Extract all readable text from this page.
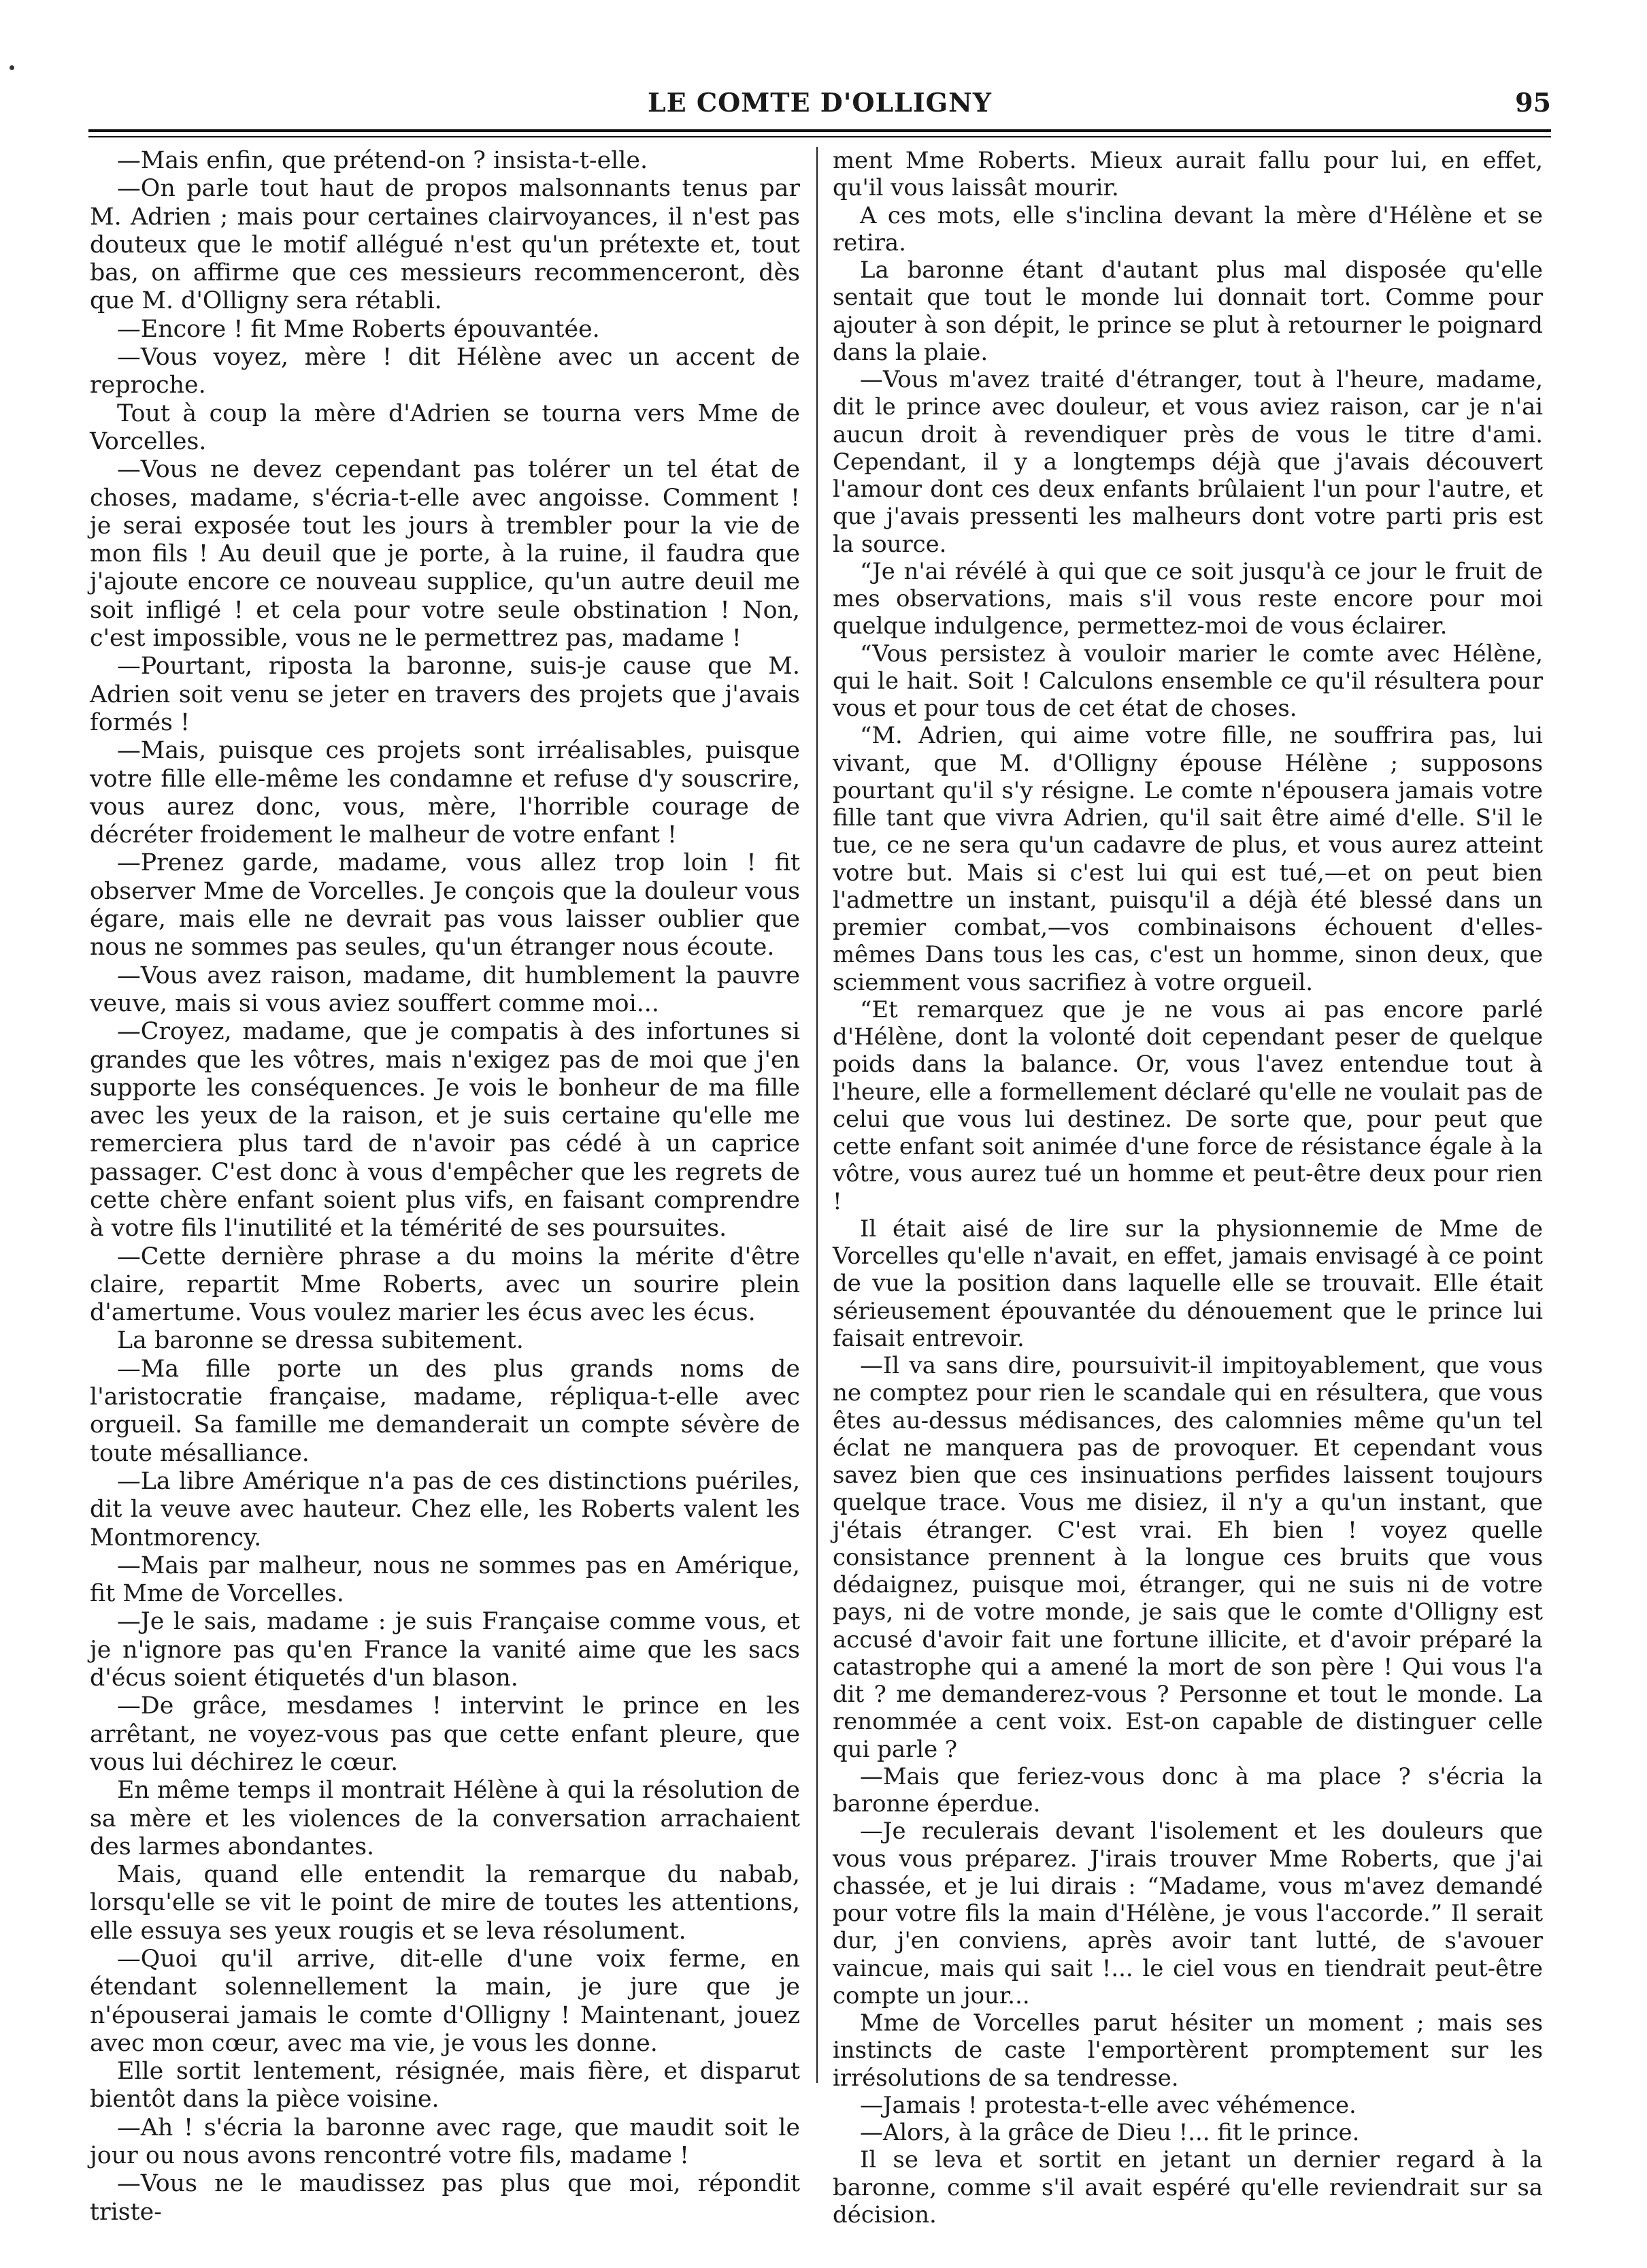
LE COMTE D'OLLIGNY	95

—Mais enfin, que prétend-on ? insista-t-elle.

—On parle tout haut de propos malsonnants tenus par M. Adrien ; mais pour certaines clairvoyances, il n'est pas douteux que le motif allégué n'est qu'un prétexte et, tout bas, on affirme que ces messieurs recommenceront, dès que M. d'Olligny sera rétabli.

—Encore ! fit Mme Roberts épouvantée.

—Vous voyez, mère ! dit Hélène avec un accent de reproche.

Tout à coup la mère d'Adrien se tourna vers Mme de Vorcelles.

—Vous ne devez cependant pas tolérer un tel état de choses, madame, s'écria-t-elle avec angoisse. Comment ! je serai exposée tout les jours à trembler pour la vie de mon fils ! Au deuil que je porte, à la ruine, il faudra que j'ajoute encore ce nouveau supplice, qu'un autre deuil me soit infligé ! et cela pour votre seule obstination ! Non, c'est impossible, vous ne le permettrez pas, madame !

—Pourtant, riposta la baronne, suis-je cause que M. Adrien soit venu se jeter en travers des projets que j'avais formés !

—Mais, puisque ces projets sont irréalisables, puisque votre fille elle-même les condamne et refuse d'y souscrire, vous aurez donc, vous, mère, l'horrible courage de décréter froidement le malheur de votre enfant !

—Prenez garde, madame, vous allez trop loin ! fit observer Mme de Vorcelles. Je conçois que la douleur vous égare, mais elle ne devrait pas vous laisser oublier que nous ne sommes pas seules, qu'un étranger nous écoute.

—Vous avez raison, madame, dit humblement la pauvre veuve, mais si vous aviez souffert comme moi...

—Croyez, madame, que je compatis à des infortunes si grandes que les vôtres, mais n'exigez pas de moi que j'en supporte les conséquences. Je vois le bonheur de ma fille avec les yeux de la raison, et je suis certaine qu'elle me remerciera plus tard de n'avoir pas cédé à un caprice passager. C'est donc à vous d'empêcher que les regrets de cette chère enfant soient plus vifs, en faisant comprendre à votre fils l'inutilité et la témérité de ses poursuites.

—Cette dernière phrase a du moins la mérite d'être claire, repartit Mme Roberts, avec un sourire plein d'amertume. Vous voulez marier les écus avec les écus.

La baronne se dressa subitement.

—Ma fille porte un des plus grands noms de l'aristocratie française, madame, répliqua-t-elle avec orgueil. Sa famille me demanderait un compte sévère de toute mésalliance.

—La libre Amérique n'a pas de ces distinctions puériles, dit la veuve avec hauteur. Chez elle, les Roberts valent les Montmorency.

—Mais par malheur, nous ne sommes pas en Amérique, fit Mme de Vorcelles.

—Je le sais, madame : je suis Française comme vous, et je n'ignore pas qu'en France la vanité aime que les sacs d'écus soient étiquetés d'un blason.

—De grâce, mesdames ! intervint le prince en les arrêtant, ne voyez-vous pas que cette enfant pleure, que vous lui déchirez le cœur.

En même temps il montrait Hélène à qui la résolution de sa mère et les violences de la conversation arrachaient des larmes abondantes.

Mais, quand elle entendit la remarque du nabab, lorsqu'elle se vit le point de mire de toutes les attentions, elle essuya ses yeux rougis et se leva résolument.

—Quoi qu'il arrive, dit-elle d'une voix ferme, en étendant solennellement la main, je jure que je n'épouserai jamais le comte d'Olligny ! Maintenant, jouez avec mon cœur, avec ma vie, je vous les donne.

Elle sortit lentement, résignée, mais fière, et disparut bientôt dans la pièce voisine.

—Ah ! s'écria la baronne avec rage, que maudit soit le jour ou nous avons rencontré votre fils, madame !

—Vous ne le maudissez pas plus que moi, répondit triste-

ment Mme Roberts. Mieux aurait fallu pour lui, en effet, qu'il vous laissât mourir.

A ces mots, elle s'inclina devant la mère d'Hélène et se retira.

La baronne étant d'autant plus mal disposée qu'elle sentait que tout le monde lui donnait tort. Comme pour ajouter à son dépit, le prince se plut à retourner le poignard dans la plaie.

—Vous m'avez traité d'étranger, tout à l'heure, madame, dit le prince avec douleur, et vous aviez raison, car je n'ai aucun droit à revendiquer près de vous le titre d'ami. Cependant, il y a longtemps déjà que j'avais découvert l'amour dont ces deux enfants brûlaient l'un pour l'autre, et que j'avais pressenti les malheurs dont votre parti pris est la source.

“Je n'ai révélé à qui que ce soit jusqu'à ce jour le fruit de mes observations, mais s'il vous reste encore pour moi quelque indulgence, permettez-moi de vous éclairer.

“Vous persistez à vouloir marier le comte avec Hélène, qui le hait. Soit ! Calculons ensemble ce qu'il résultera pour vous et pour tous de cet état de choses.

“M. Adrien, qui aime votre fille, ne souffrira pas, lui vivant, que M. d'Olligny épouse Hélène ; supposons pourtant qu'il s'y résigne. Le comte n'épousera jamais votre fille tant que vivra Adrien, qu'il sait être aimé d'elle. S'il le tue, ce ne sera qu'un cadavre de plus, et vous aurez atteint votre but. Mais si c'est lui qui est tué,—et on peut bien l'admettre un instant, puisqu'il a déjà été blessé dans un premier combat,—vos combinaisons échouent d'elles-mêmes Dans tous les cas, c'est un homme, sinon deux, que sciemment vous sacrifiez à votre orgueil.

“Et remarquez que je ne vous ai pas encore parlé d'Hélène, dont la volonté doit cependant peser de quelque poids dans la balance. Or, vous l'avez entendue tout à l'heure, elle a formellement déclaré qu'elle ne voulait pas de celui que vous lui destinez. De sorte que, pour peut que cette enfant soit animée d'une force de résistance égale à la vôtre, vous aurez tué un homme et peut-être deux pour rien !

Il était aisé de lire sur la physionnemie de Mme de Vorcelles qu'elle n'avait, en effet, jamais envisagé à ce point de vue la position dans laquelle elle se trouvait. Elle était sérieusement épouvantée du dénouement que le prince lui faisait entrevoir.

—Il va sans dire, poursuivit-il impitoyablement, que vous ne comptez pour rien le scandale qui en résultera, que vous êtes au-dessus médisances, des calomnies même qu'un tel éclat ne manquera pas de provoquer. Et cependant vous savez bien que ces insinuations perfides laissent toujours quelque trace. Vous me disiez, il n'y a qu'un instant, que j'étais étranger. C'est vrai. Eh bien ! voyez quelle consistance prennent à la longue ces bruits que vous dédaignez, puisque moi, étranger, qui ne suis ni de votre pays, ni de votre monde, je sais que le comte d'Olligny est accusé d'avoir fait une fortune illicite, et d'avoir préparé la catastrophe qui a amené la mort de son père ! Qui vous l'a dit ? me demanderez-vous ? Personne et tout le monde. La renommée a cent voix. Est-on capable de distinguer celle qui parle ?

—Mais que feriez-vous donc à ma place ? s'écria la baronne éperdue.

—Je reculerais devant l'isolement et les douleurs que vous vous préparez. J'irais trouver Mme Roberts, que j'ai chassée, et je lui dirais : “Madame, vous m'avez demandé pour votre fils la main d'Hélène, je vous l'accorde.” Il serait dur, j'en conviens, après avoir tant lutté, de s'avouer vaincue, mais qui sait !... le ciel vous en tiendrait peut-être compte un jour...

Mme de Vorcelles parut hésiter un moment ; mais ses instincts de caste l'emportèrent promptement sur les irrésolutions de sa tendresse.

—Jamais ! protesta-t-elle avec véhémence.

—Alors, à la grâce de Dieu !... fit le prince.

Il se leva et sortit en jetant un dernier regard à la baronne, comme s'il avait espéré qu'elle reviendrait sur sa décision.
